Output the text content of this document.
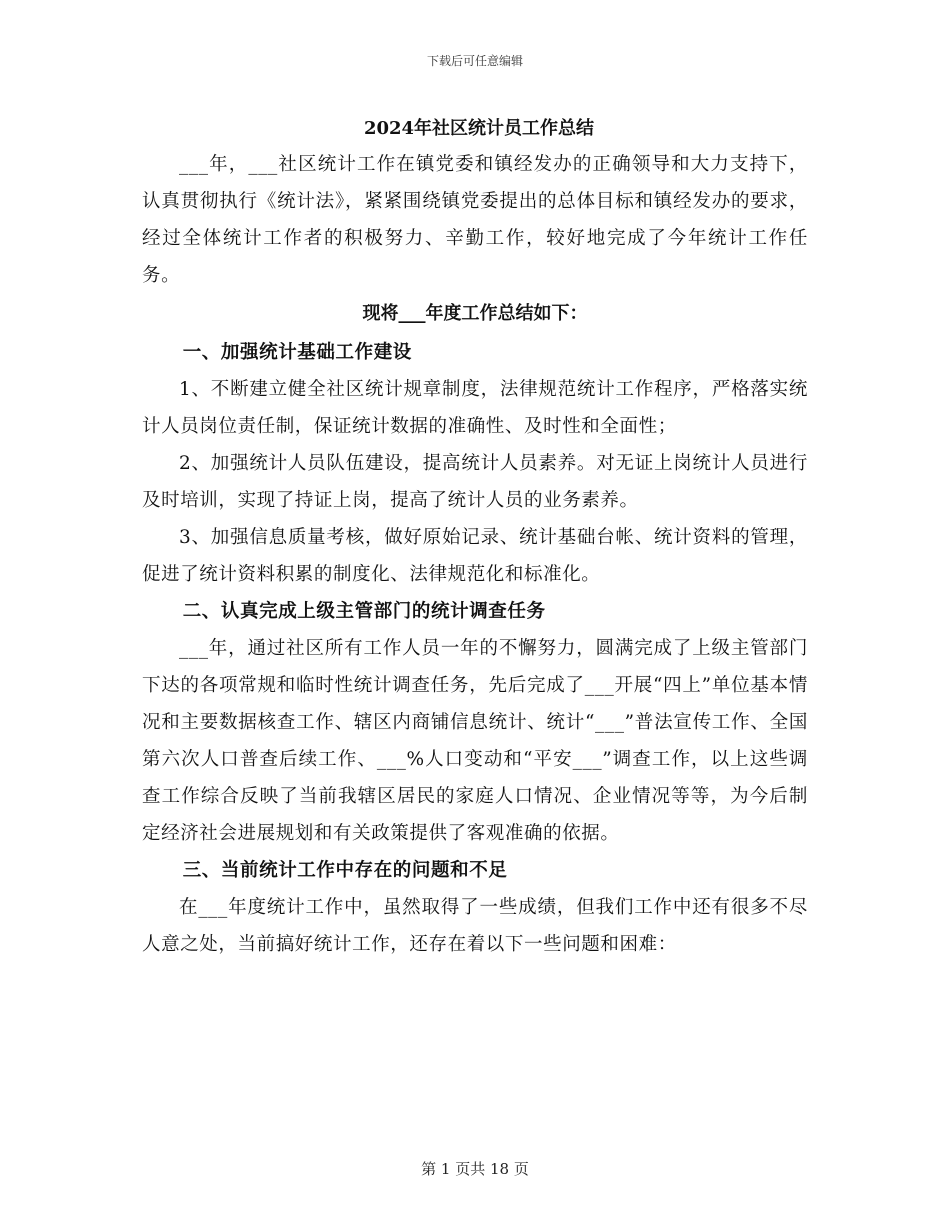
下载后可任意编辑
2024年社区统计员工作总结

___年，___社区统计工作在镇党委和镇经发办的正确领导和大力支持下，认真贯彻执行《统计法》，紧紧围绕镇党委提出的总体目标和镇经发办的要求，经过全体统计工作者的积极努力、辛勤工作，较好地完成了今年统计工作任务。

现将___年度工作总结如下：

一、加强统计基础工作建设

1、不断建立健全社区统计规章制度，法律规范统计工作程序，严格落实统计人员岗位责任制，保证统计数据的准确性、及时性和全面性；

2、加强统计人员队伍建设，提高统计人员素养。对无证上岗统计人员进行及时培训，实现了持证上岗，提高了统计人员的业务素养。

3、加强信息质量考核，做好原始记录、统计基础台帐、统计资料的管理，促进了统计资料积累的制度化、法律规范化和标准化。

二、认真完成上级主管部门的统计调查任务

___年，通过社区所有工作人员一年的不懈努力，圆满完成了上级主管部门下达的各项常规和临时性统计调查任务，先后完成了___开展“四上”单位基本情况和主要数据核查工作、辖区内商铺信息统计、统计“___”普法宣传工作、全国第六次人口普查后续工作、___%人口变动和“平安___”调查工作，以上这些调查工作综合反映了当前我辖区居民的家庭人口情况、企业情况等等，为今后制定经济社会进展规划和有关政策提供了客观准确的依据。

三、当前统计工作中存在的问题和不足

在___年度统计工作中，虽然取得了一些成绩，但我们工作中还有很多不尽人意之处，当前搞好统计工作，还存在着以下一些问题和困难：

第 1 页共 18 页
